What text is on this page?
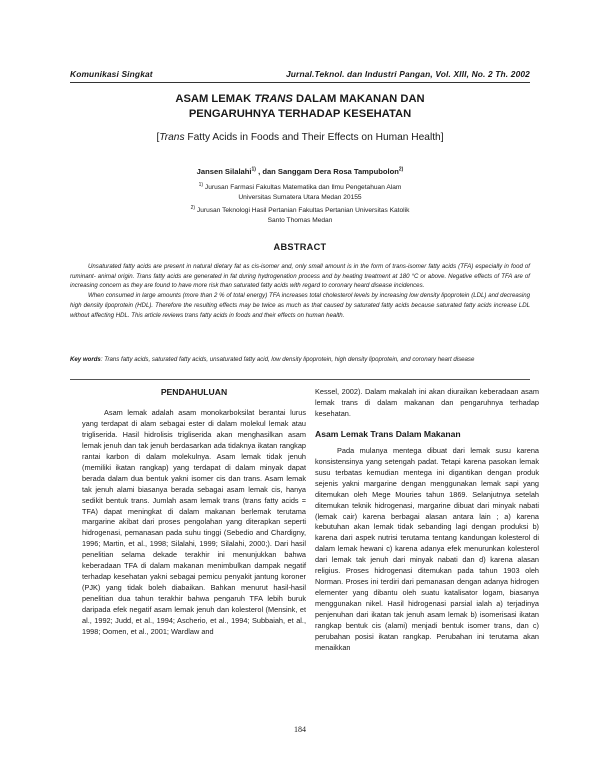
Komunikasi Singkat	Jurnal.Teknol. dan Industri Pangan, Vol. XIII, No. 2 Th. 2002
ASAM LEMAK TRANS DALAM MAKANAN DAN
PENGARUHNYA TERHADAP KESEHATAN
[Trans Fatty Acids in Foods and Their Effects on Human Health]
Jansen Silalahi$^{1)}$ , dan Sanggam Dera Rosa Tampubolon$^{2)}$
$^{1)}$ Jurusan Farmasi Fakultas Matematika dan Ilmu Pengetahuan Alam
Universitas Sumatera Utara Medan 20155
$^{2)}$ Jurusan Teknologi Hasil Pertanian Fakultas Pertanian Universitas Katolik
Santo Thomas Medan
ABSTRACT

Unsaturated fatty acids are present in natural dietary fat as cis-isomer and, only small amount is in the form of trans-isomer fatty acids (TFA) especially in food of ruminant- animal origin. Trans fatty acids are generated in fat during hydrogenation process and by heating treatment at 180 °C or above. Negative effects of TFA are of increasing concern as they are found to have more risk than saturated fatty acids with regard to coronary heard disease incidences.

When consumed in large amounts (more than 2 % of total energy) TFA increases total cholesterol levels by increasing low density lipoprotein (LDL) and decreasing high density lipoprotein (HDL). Therefore the resulting effects may be twice as much as that caused by saturated fatty acids because saturated fatty acids increase LDL without affecting HDL. This article reviews trans fatty acids in foods and their effects on human health.

Key words: Trans fatty acids, saturated fatty acids, unsaturated fatty acid, low density lipoprotein, high density lipoprotein, and coronary heart disease
PENDAHULUAN

Asam lemak adalah asam monokarboksilat berantai lurus yang terdapat di alam sebagai ester di dalam molekul lemak atau trigliserida. Hasil hidrolisis trigliserida akan menghasilkan asam lemak jenuh dan tak jenuh berdasarkan ada tidaknya ikatan rangkap rantai karbon di dalam molekulnya. Asam lemak tidak jenuh (memiliki ikatan rangkap) yang terdapat di dalam minyak dapat berada dalam dua bentuk yakni isomer cis dan trans. Asam lemak tak jenuh alami biasanya berada sebagai asam lemak cis, hanya sedikit bentuk trans. Jumlah asam lemak trans (trans fatty acids = TFA) dapat meningkat di dalam makanan berlemak terutama margarine akibat dari proses pengolahan yang diterapkan seperti hidrogenasi, pemanasan pada suhu tinggi (Sebedio and Chardigny, 1996; Martin, et al., 1998; Silalahi, 1999; Silalahi, 2000;). Dari hasil penelitian selama dekade terakhir ini menunjukkan bahwa keberadaan TFA di dalam makanan menimbulkan dampak negatif terhadap kesehatan yakni sebagai pemicu penyakit jantung koroner (PJK) yang tidak boleh diabaikan. Bahkan menurut hasil-hasil penelitian dua tahun terakhir bahwa pengaruh TFA lebih buruk daripada efek negatif asam lemak jenuh dan kolesterol (Mensink, et al., 1992; Judd, et al., 1994; Ascherio, et al., 1994; Subbaiah, et al., 1998; Oomen, et al., 2001; Wardlaw and

Kessel, 2002). Dalam makalah ini akan diuraikan keberadaan asam lemak trans di dalam makanan dan pengaruhnya terhadap kesehatan.

Asam Lemak Trans Dalam Makanan

Pada mulanya mentega dibuat dari lemak susu karena konsistensinya yang setengah padat. Tetapi karena pasokan lemak susu terbatas kemudian mentega ini digantikan dengan produk sejenis yakni margarine dengan menggunakan lemak sapi yang ditemukan oleh Mege Mouries tahun 1869. Selanjutnya setelah ditemukan teknik hidrogenasi, margarine dibuat dari minyak nabati (lemak cair) karena berbagai alasan antara lain ; a) karena kebutuhan akan lemak tidak sebanding lagi dengan produksi b) karena dari aspek nutrisi terutama tentang kandungan kolesterol di dalam lemak hewani c) karena adanya efek menurunkan kolesterol dari lemak tak jenuh dari minyak nabati dan d) karena alasan religius. Proses hidrogenasi ditemukan pada tahun 1903 oleh Norman. Proses ini terdiri dari pemanasan dengan adanya hidrogen elementer yang dibantu oleh suatu katalisator logam, biasanya menggunakan nikel. Hasil hidrogenasi parsial ialah a) terjadinya penjenuhan dari ikatan tak jenuh asam lemak b) isomerisasi ikatan rangkap bentuk cis (alami) menjadi bentuk isomer trans, dan c) perubahan posisi ikatan rangkap. Perubahan ini terutama akan menaikkan

184
